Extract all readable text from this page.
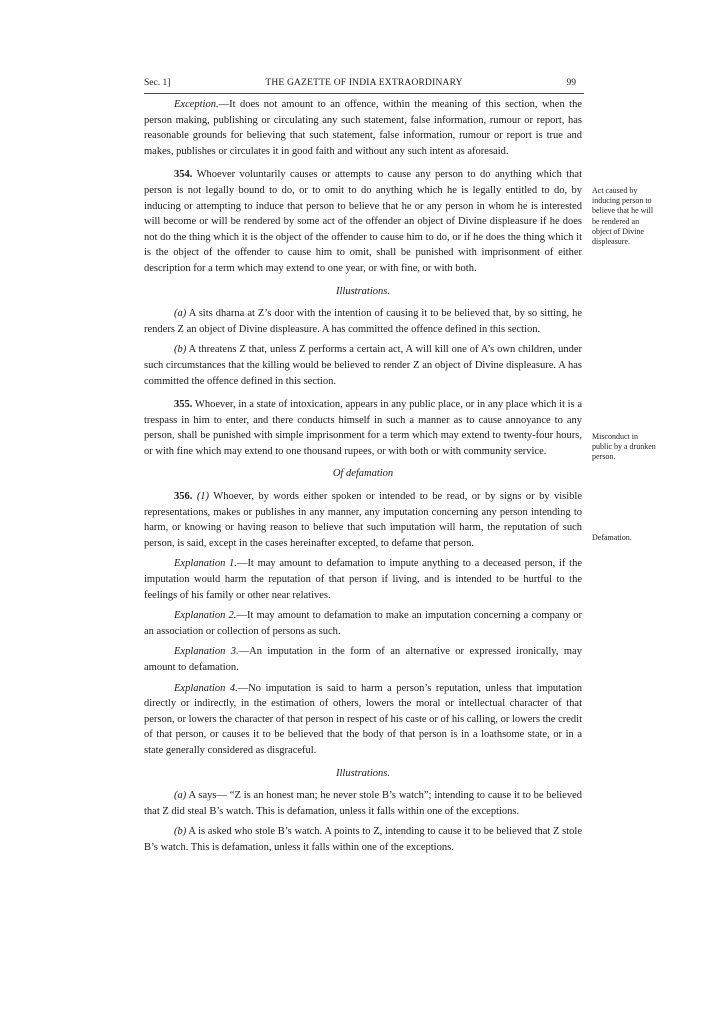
Sec. 1]	THE GAZETTE OF INDIA EXTRAORDINARY	99

Exception.—It does not amount to an offence, within the meaning of this section, when the person making, publishing or circulating any such statement, false information, rumour or report, has reasonable grounds for believing that such statement, false information, rumour or report is true and makes, publishes or circulates it in good faith and without any such intent as aforesaid.

354. Whoever voluntarily causes or attempts to cause any person to do anything which that person is not legally bound to do, or to omit to do anything which he is legally entitled to do, by inducing or attempting to induce that person to believe that he or any person in whom he is interested will become or will be rendered by some act of the offender an object of Divine displeasure if he does not do the thing which it is the object of the offender to cause him to do, or if he does the thing which it is the object of the offender to cause him to omit, shall be punished with imprisonment of either description for a term which may extend to one year, or with fine, or with both.

Illustrations.

(a) A sits dharna at Z’s door with the intention of causing it to be believed that, by so sitting, he renders Z an object of Divine displeasure. A has committed the offence defined in this section.

(b) A threatens Z that, unless Z performs a certain act, A will kill one of A’s own children, under such circumstances that the killing would be believed to render Z an object of Divine displeasure. A has committed the offence defined in this section.

355. Whoever, in a state of intoxication, appears in any public place, or in any place which it is a trespass in him to enter, and there conducts himself in such a manner as to cause annoyance to any person, shall be punished with simple imprisonment for a term which may extend to twenty-four hours, or with fine which may extend to one thousand rupees, or with both or with community service.

Of defamation

356. (1) Whoever, by words either spoken or intended to be read, or by signs or by visible representations, makes or publishes in any manner, any imputation concerning any person intending to harm, or knowing or having reason to believe that such imputation will harm, the reputation of such person, is said, except in the cases hereinafter excepted, to defame that person.

Explanation 1.—It may amount to defamation to impute anything to a deceased person, if the imputation would harm the reputation of that person if living, and is intended to be hurtful to the feelings of his family or other near relatives.

Explanation 2.—It may amount to defamation to make an imputation concerning a company or an association or collection of persons as such.

Explanation 3.—An imputation in the form of an alternative or expressed ironically, may amount to defamation.

Explanation 4.—No imputation is said to harm a person’s reputation, unless that imputation directly or indirectly, in the estimation of others, lowers the moral or intellectual character of that person, or lowers the character of that person in respect of his caste or of his calling, or lowers the credit of that person, or causes it to be believed that the body of that person is in a loathsome state, or in a state generally considered as disgraceful.

Illustrations.

(a) A says— “Z is an honest man; he never stole B’s watch”; intending to cause it to be believed that Z did steal B’s watch. This is defamation, unless it falls within one of the exceptions.

(b) A is asked who stole B’s watch. A points to Z, intending to cause it to be believed that Z stole B’s watch. This is defamation, unless it falls within one of the exceptions.

Act caused by inducing person to believe that he will be rendered an object of Divine displeasure.
Misconduct in public by a drunken person.
Defamation.
